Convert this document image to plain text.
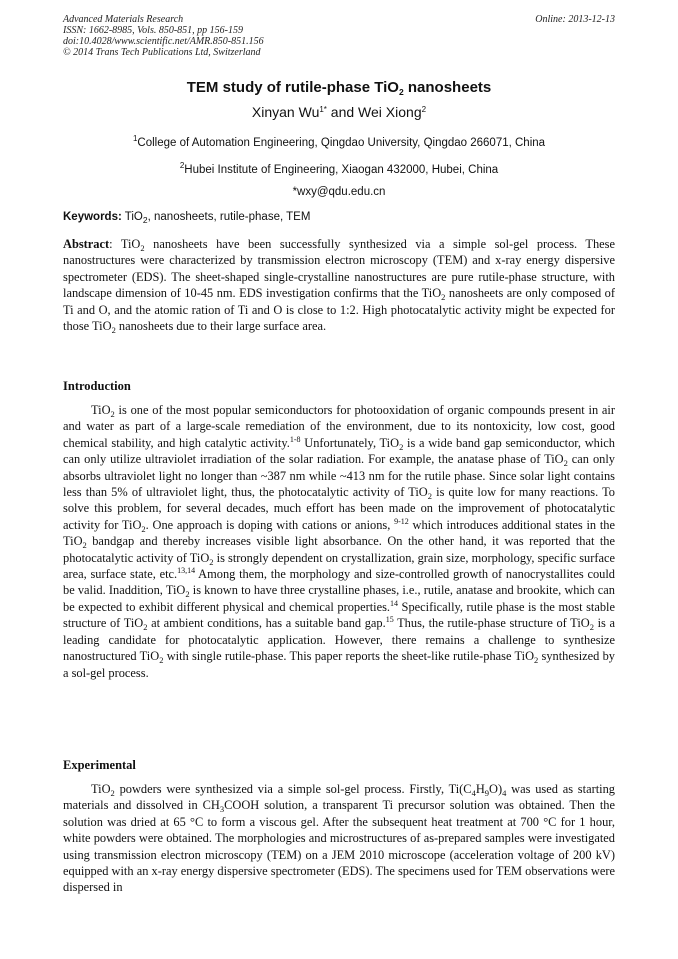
Advanced Materials Research
ISSN: 1662-8985, Vols. 850-851, pp 156-159
doi:10.4028/www.scientific.net/AMR.850-851.156
© 2014 Trans Tech Publications Ltd, Switzerland
Online: 2013-12-13
TEM study of rutile-phase TiO$_2$ nanosheets
Xinyan $Wu^{1*}$ and Wei Xiong$^2$
$^1$College of Automation Engineering, Qingdao University, Qingdao 266071, China
$^2$Hubei Institute of Engineering, Xiaogan 432000, Hubei, China
*wxy@qdu.edu.cn
Keywords: TiO$_2$, nanosheets, rutile-phase, TEM
Abstract: TiO$_2$ nanosheets have been successfully synthesized via a simple sol-gel process. These nanostructures were characterized by transmission electron microscopy (TEM) and x-ray energy dispersive spectrometer (EDS). The sheet-shaped single-crystalline nanostructures are pure rutile-phase structure, with landscape dimension of 10-45 nm. EDS investigation confirms that the TiO$_2$ nanosheets are only composed of Ti and O, and the atomic ration of Ti and O is close to 1:2. High photocatalytic activity might be expected for those TiO$_2$ nanosheets due to their large surface area.
Introduction
TiO$_2$ is one of the most popular semiconductors for photooxidation of organic compounds present in air and water as part of a large-scale remediation of the environment, due to its nontoxicity, low cost, good chemical stability, and high catalytic activity.$^{1-8}$ Unfortunately, TiO$_2$ is a wide band gap semiconductor, which can only utilize ultraviolet irradiation of the solar radiation. For example, the anatase phase of TiO$_2$ can only absorbs ultraviolet light no longer than ~387 nm while ~413 nm for the rutile phase. Since solar light contains less than 5% of ultraviolet light, thus, the photocatalytic activity of TiO$_2$ is quite low for many reactions. To solve this problem, for several decades, much effort has been made on the improvement of photocatalytic activity for TiO$_2$. One approach is doping with cations or anions, $^{9-12}$ which introduces additional states in the TiO$_2$ bandgap and thereby increases visible light absorbance. On the other hand, it was reported that the photocatalytic activity of TiO$_2$ is strongly dependent on crystallization, grain size, morphology, specific surface area, surface state, etc.$^{13,14}$ Among them, the morphology and size-controlled growth of nanocrystallites could be valid. Inaddition, TiO$_2$ is known to have three crystalline phases, i.e., rutile, anatase and brookite, which can be expected to exhibit different physical and chemical properties.$^{14}$ Specifically, rutile phase is the most stable structure of TiO$_2$ at ambient conditions, has a suitable band gap.$^{15}$ Thus, the rutile-phase structure of TiO$_2$ is a leading candidate for photocatalytic application. However, there remains a challenge to synthesize nanostructured TiO$_2$ with single rutile-phase. This paper reports the sheet-like rutile-phase TiO$_2$ synthesized by a sol-gel process.
Experimental
TiO$_2$ powders were synthesized via a simple sol-gel process. Firstly, $Ti(C_4H_9O)_4$ was used as starting materials and dissolved in $CH_3COOH$ solution, a transparent Ti precursor solution was obtained. Then the solution was dried at 65 °C to form a viscous gel. After the subsequent heat treatment at 700 °C for 1 hour, white powders were obtained. The morphologies and microstructures of as-prepared samples were investigated using transmission electron microscopy (TEM) on a JEM 2010 microscope (acceleration voltage of 200 kV) equipped with an x-ray energy dispersive spectrometer (EDS). The specimens used for TEM observations were dispersed in
